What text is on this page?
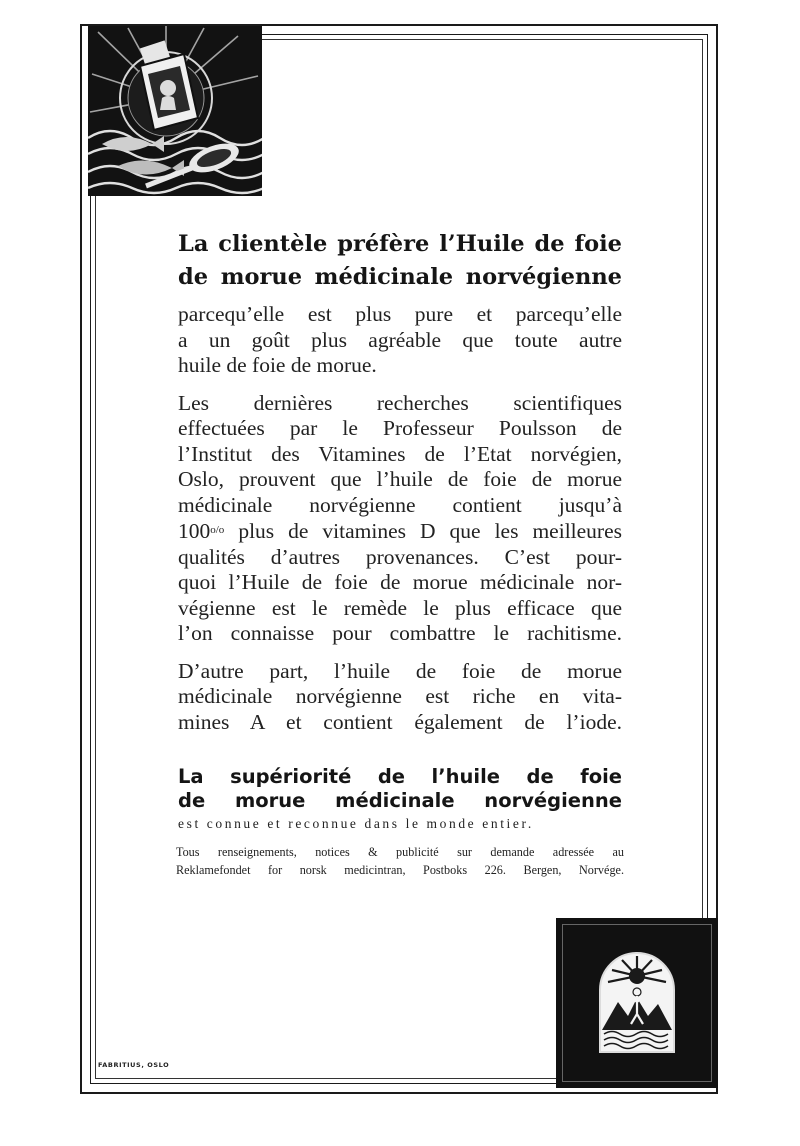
La clientèle préfère l’Huile de foie
de morue médicinale norvégienne

parcequ’elle est plus pure et parcequ’elle
a un goût plus agréable que toute autre
huile de foie de morue.

Les dernières recherches scientifiques
effectuées par le Professeur Poulsson de
l’Institut des Vitamines de l’Etat norvégien,
Oslo, prouvent que l’huile de foie de morue
médicinale norvégienne contient jusqu’à
$100^{o/o}$ plus de vitamines D que les meilleures
qualités d’autres provenances. C’est pour-
quoi l’Huile de foie de morue médicinale nor-
végienne est le remède le plus efficace que
l’on connaisse pour combattre le rachitisme.

D’autre part, l’huile de foie de morue
médicinale norvégienne est riche en vita-
mines A et contient également de l’iode.

La supériorité de l’huile de foie
de morue médicinale norvégienne
est connue et reconnue dans le monde entier.
Tous renseignements, notices & publicité sur demande adressée au
Reklamefondet for norsk medicintran, Postboks 226. Bergen, Norvége.
FABRITIUS, OSLO
